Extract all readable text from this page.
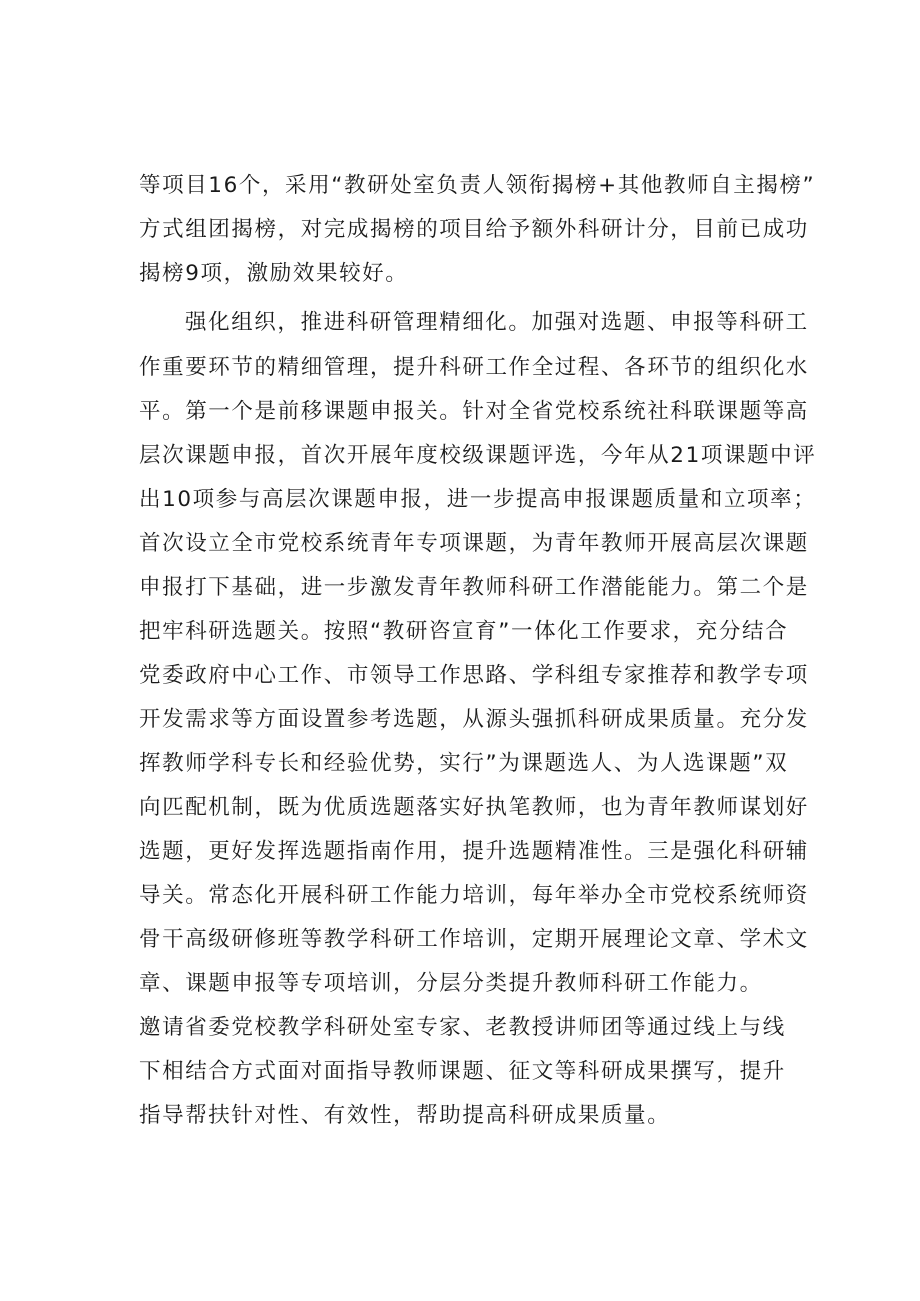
等项目16个，采用“教研处室负责人领衔揭榜+其他教师自主揭榜”
方式组团揭榜，对完成揭榜的项目给予额外科研计分，目前已成功
揭榜9项，激励效果较好。
强化组织，推进科研管理精细化。加强对选题、申报等科研工
作重要环节的精细管理，提升科研工作全过程、各环节的组织化水
平。第一个是前移课题申报关。针对全省党校系统社科联课题等高
层次课题申报，首次开展年度校级课题评选，今年从21项课题中评
出10项参与高层次课题申报，进一步提高申报课题质量和立项率；
首次设立全市党校系统青年专项课题，为青年教师开展高层次课题
申报打下基础，进一步激发青年教师科研工作潜能能力。第二个是
把牢科研选题关。按照“教研咨宣育”一体化工作要求，充分结合
党委政府中心工作、市领导工作思路、学科组专家推荐和教学专项
开发需求等方面设置参考选题，从源头强抓科研成果质量。充分发
挥教师学科专长和经验优势，实行”为课题选人、为人选课题”双
向匹配机制，既为优质选题落实好执笔教师，也为青年教师谋划好
选题，更好发挥选题指南作用，提升选题精准性。三是强化科研辅
导关。常态化开展科研工作能力培训，每年举办全市党校系统师资
骨干高级研修班等教学科研工作培训，定期开展理论文章、学术文
章、课题申报等专项培训，分层分类提升教师科研工作能力。
邀请省委党校教学科研处室专家、老教授讲师团等通过线上与线
下相结合方式面对面指导教师课题、征文等科研成果撰写，提升
指导帮扶针对性、有效性，帮助提高科研成果质量。
